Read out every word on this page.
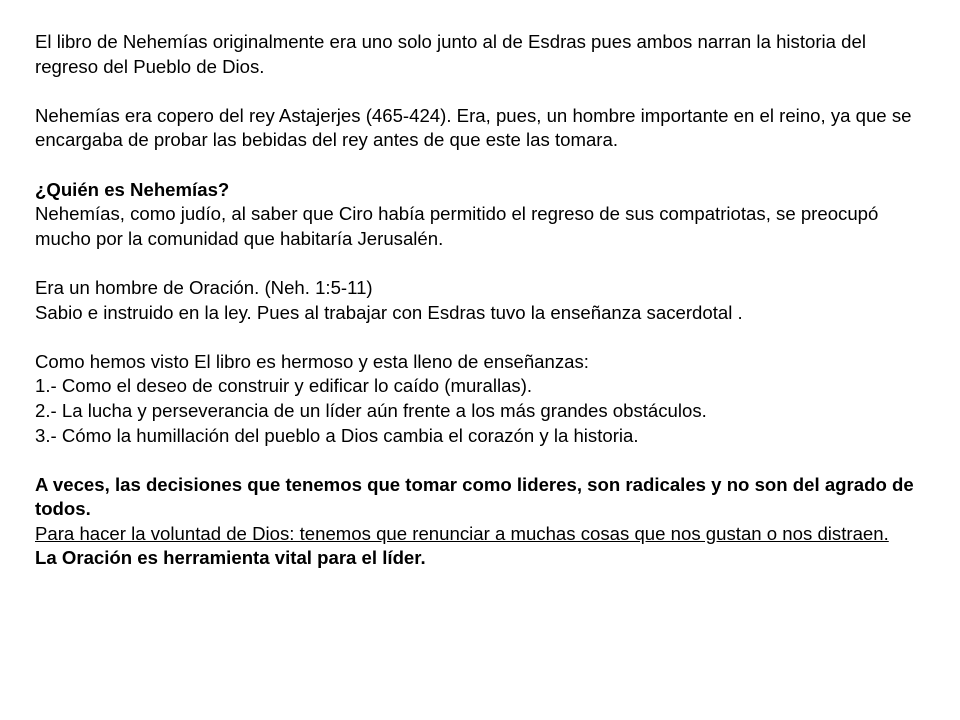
El libro de Nehemías originalmente era uno solo junto al de Esdras pues ambos narran la historia del regreso del Pueblo de Dios.

Nehemías era copero del rey Astajerjes (465-424). Era, pues, un hombre importante en el reino, ya que se encargaba de probar las bebidas del rey antes de que este las tomara.

¿Quién es Nehemías?

Nehemías, como judío, al saber que Ciro había permitido el regreso de sus compatriotas, se preocupó mucho por la comunidad que habitaría Jerusalén.

Era un hombre de Oración. (Neh. 1:5-11)

Sabio e instruido en la ley. Pues al trabajar con Esdras tuvo la enseñanza sacerdotal .

Como hemos visto El libro es hermoso y esta lleno de enseñanzas:

1.- Como el deseo de construir y edificar lo caído (murallas).

2.- La lucha y perseverancia de un líder aún frente a los más grandes obstáculos.

3.- Cómo la humillación del pueblo a Dios cambia el corazón y la historia.

A veces, las decisiones que tenemos que tomar como lideres, son radicales y no son del agrado de todos.

Para hacer la voluntad de Dios: tenemos que renunciar a muchas cosas que nos gustan o nos distraen.

La Oración es herramienta vital para el líder.
